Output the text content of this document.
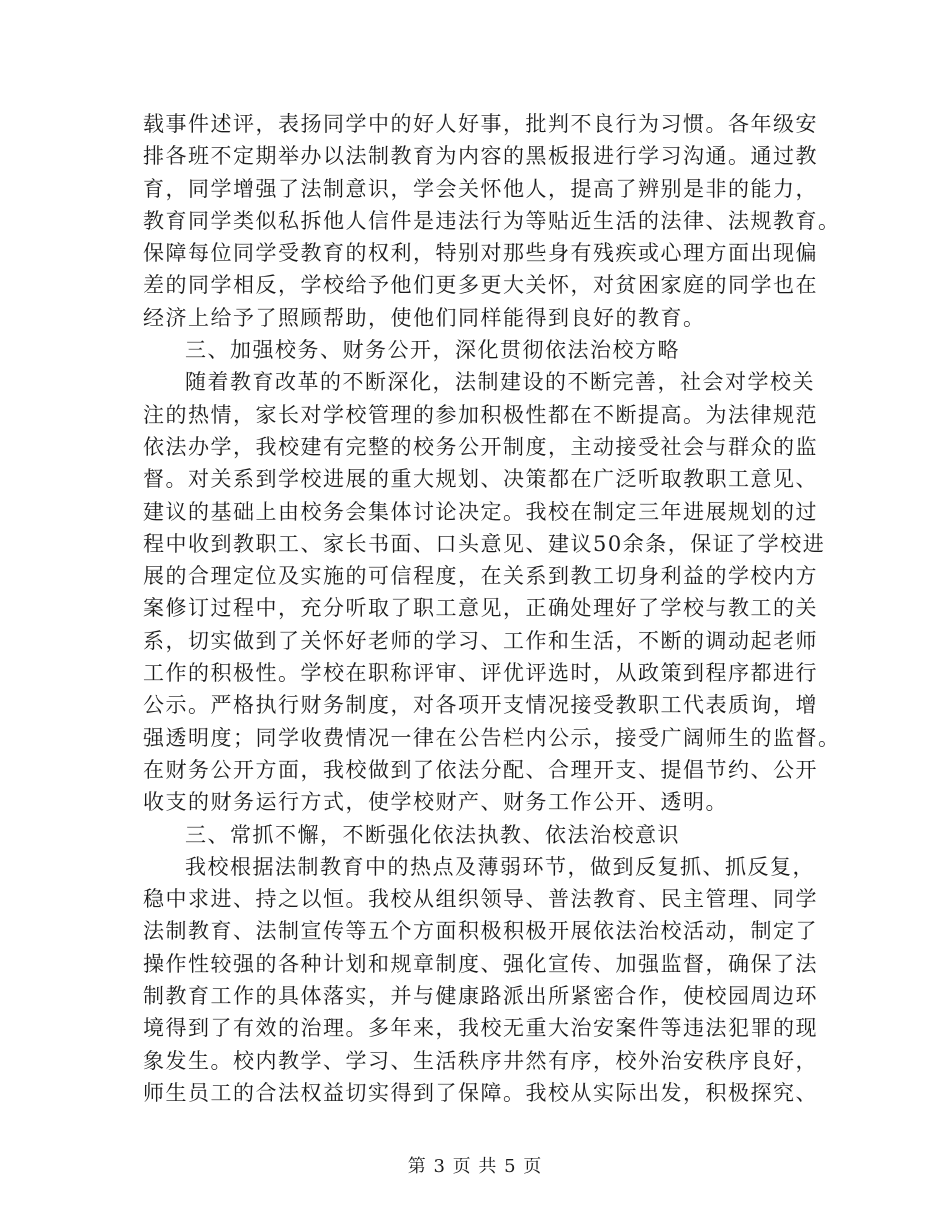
载事件述评，表扬同学中的好人好事，批判不良行为习惯。各年级安
排各班不定期举办以法制教育为内容的黑板报进行学习沟通。通过教
育，同学增强了法制意识，学会关怀他人，提高了辨别是非的能力，
教育同学类似私拆他人信件是违法行为等贴近生活的法律、法规教育。
保障每位同学受教育的权利，特别对那些身有残疾或心理方面出现偏
差的同学相反，学校给予他们更多更大关怀，对贫困家庭的同学也在
经济上给予了照顾帮助，使他们同样能得到良好的教育。
三、加强校务、财务公开，深化贯彻依法治校方略
随着教育改革的不断深化，法制建设的不断完善，社会对学校关
注的热情，家长对学校管理的参加积极性都在不断提高。为法律规范
依法办学，我校建有完整的校务公开制度，主动接受社会与群众的监
督。对关系到学校进展的重大规划、决策都在广泛听取教职工意见、
建议的基础上由校务会集体讨论决定。我校在制定三年进展规划的过
程中收到教职工、家长书面、口头意见、建议50余条，保证了学校进
展的合理定位及实施的可信程度，在关系到教工切身利益的学校内方
案修订过程中，充分听取了职工意见，正确处理好了学校与教工的关
系，切实做到了关怀好老师的学习、工作和生活，不断的调动起老师
工作的积极性。学校在职称评审、评优评选时，从政策到程序都进行
公示。严格执行财务制度，对各项开支情况接受教职工代表质询，增
强透明度；同学收费情况一律在公告栏内公示，接受广阔师生的监督。
在财务公开方面，我校做到了依法分配、合理开支、提倡节约、公开
收支的财务运行方式，使学校财产、财务工作公开、透明。
三、常抓不懈，不断强化依法执教、依法治校意识
我校根据法制教育中的热点及薄弱环节，做到反复抓、抓反复，
稳中求进、持之以恒。我校从组织领导、普法教育、民主管理、同学
法制教育、法制宣传等五个方面积极积极开展依法治校活动，制定了
操作性较强的各种计划和规章制度、强化宣传、加强监督，确保了法
制教育工作的具体落实，并与健康路派出所紧密合作，使校园周边环
境得到了有效的治理。多年来，我校无重大治安案件等违法犯罪的现
象发生。校内教学、学习、生活秩序井然有序，校外治安秩序良好，
师生员工的合法权益切实得到了保障。我校从实际出发，积极探究、
第 3 页 共 5 页
